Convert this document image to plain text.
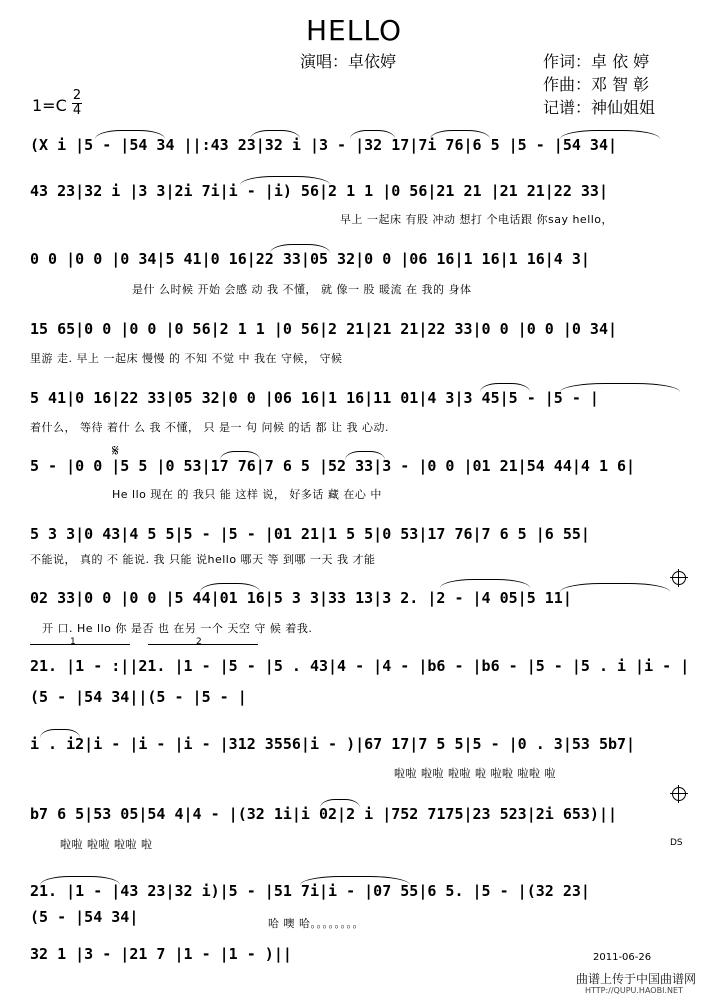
HELLO
演唱：卓依婷	作词：卓 依 婷
作曲：邓 智 彰
记谱：神仙姐姐
1=C
2
4
(X i |5 - |54 34 ||:43 23|32 i |3 - |32 17|7i 76|6 5 |5 - |54 34|
43 23|32 i |3 3|2i 7i|i - |i) 56|2 1 1 |0 56|21 21 |21 21|22 33|
早上 一起床 有股 冲动 想打 个电话跟 你say hello，
0 0 |0 0 |0 34|5 41|0 16|22 33|05 32|0 0 |06 16|1 16|1 16|4 3|
是什 么时候 开始 会感 动 我 不懂， 就 像一 股 暖流 在 我的 身体
15 65|0 0 |0 0 |0 56|2 1 1 |0 56|2 21|21 21|22 33|0 0 |0 0 |0 34|
里游 走. 早上 一起床 慢慢 的 不知 不觉 中 我在 守候， 守候
5 41|0 16|22 33|05 32|0 0 |06 16|1 16|11 01|4 3|3 45|5 - |5 - |
着什么， 等待 着什 么 我 不懂， 只 是一 句 问候 的话 都 让 我 心动.
𝄋
5 - |0 0 |5 5 |0 53|17 76|7 6 5 |52 33|3 - |0 0 |01 21|54 44|4 1 6|
He llo 现在 的 我只 能 这样 说， 好多话 藏 在心 中
5 3 3|0 43|4 5 5|5 - |5 - |01 21|1 5 5|0 53|17 76|7 6 5 |6 55|
不能说， 真的 不 能说. 我 只能 说hello 哪天 等 到哪 一天 我 才能
02 33|0 0 |0 0 |5 44|01 16|5 3 3|33 13|3 2. |2 - |4 05|5 11|
开 口. He llo 你 是否 也 在另 一个 天空 守 候 着我.
1	2
21. |1 - :||21. |1 - |5 - |5 . 43|4 - |4 - |b6 - |b6 - |5 - |5 . i |i - |
(5 - |54 34||(5 - |5 - |
i . i2|i - |i - |i - |312 3556|i - )|67 17|7 5 5|5 - |0 . 3|53 5b7|
啦啦 啦啦 啦啦 啦 啦啦 啦啦 啦
b7 6 5|53 05|54 4|4 - |(32 1i|i 02|2 i |752 7175|23 523|2i 653)||
啦啦 啦啦 啦啦 啦	DS
21. |1 - |43 23|32 i)|5 - |51 7i|i - |07 55|6 5. |5 - |(32 23|
(5 - |54 34|	哈 噢 哈。。。。。。。。
32 1 |3 - |21 7 |1 - |1 - )||	2011-06-26
曲谱上传于中国曲谱网
HTTP://QUPU.HAOBI.NET
